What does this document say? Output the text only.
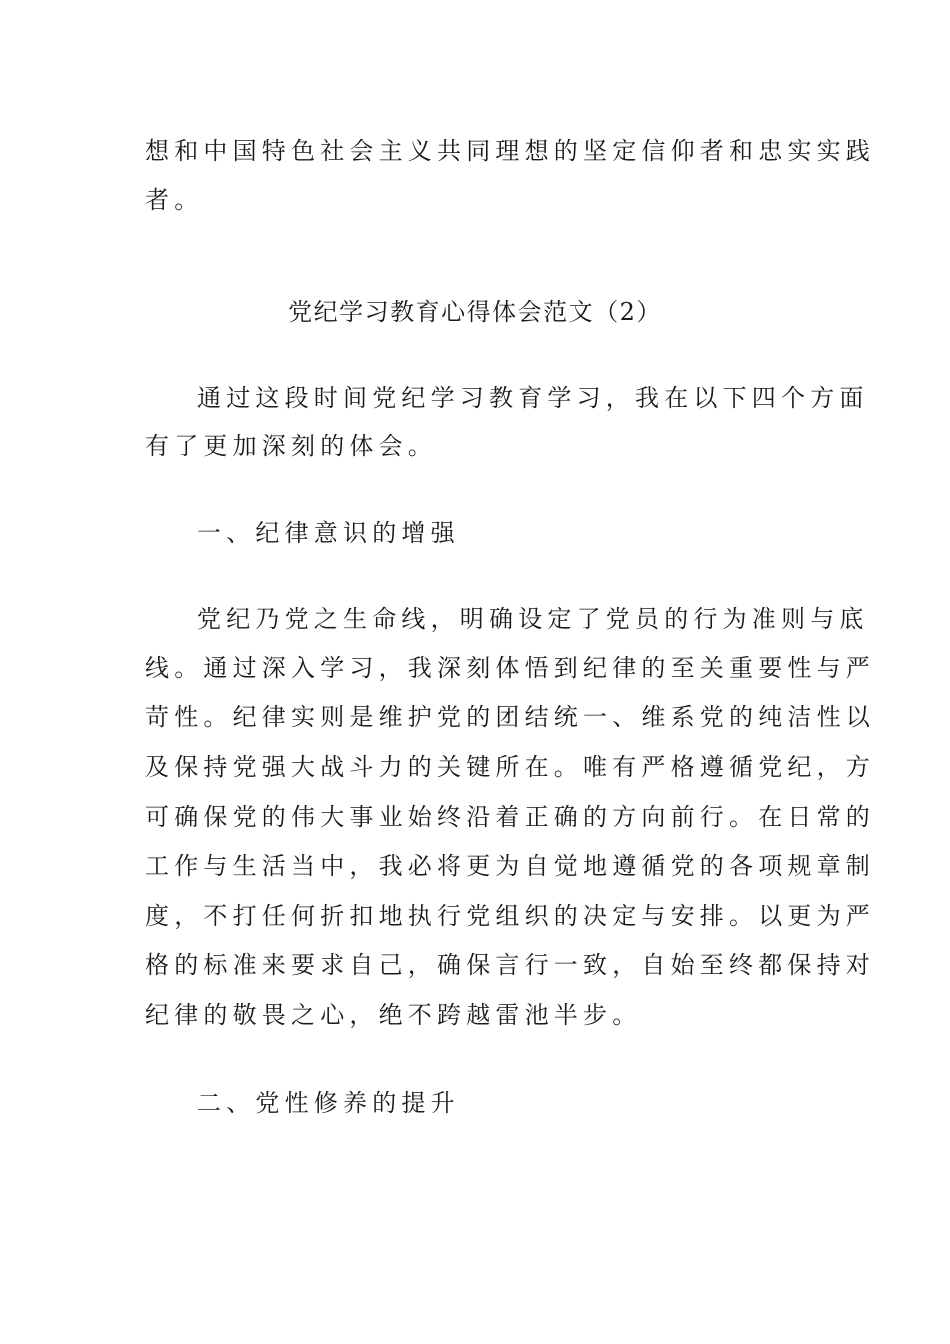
想和中国特色社会主义共同理想的坚定信仰者和忠实实践
者。
党纪学习教育心得体会范文（2）
通过这段时间党纪学习教育学习，我在以下四个方面
有了更加深刻的体会。
一、纪律意识的增强
党纪乃党之生命线，明确设定了党员的行为准则与底
线。通过深入学习，我深刻体悟到纪律的至关重要性与严
苛性。纪律实则是维护党的团结统一、维系党的纯洁性以
及保持党强大战斗力的关键所在。唯有严格遵循党纪，方
可确保党的伟大事业始终沿着正确的方向前行。在日常的
工作与生活当中，我必将更为自觉地遵循党的各项规章制
度，不打任何折扣地执行党组织的决定与安排。以更为严
格的标准来要求自己，确保言行一致，自始至终都保持对
纪律的敬畏之心，绝不跨越雷池半步。
二、党性修养的提升
